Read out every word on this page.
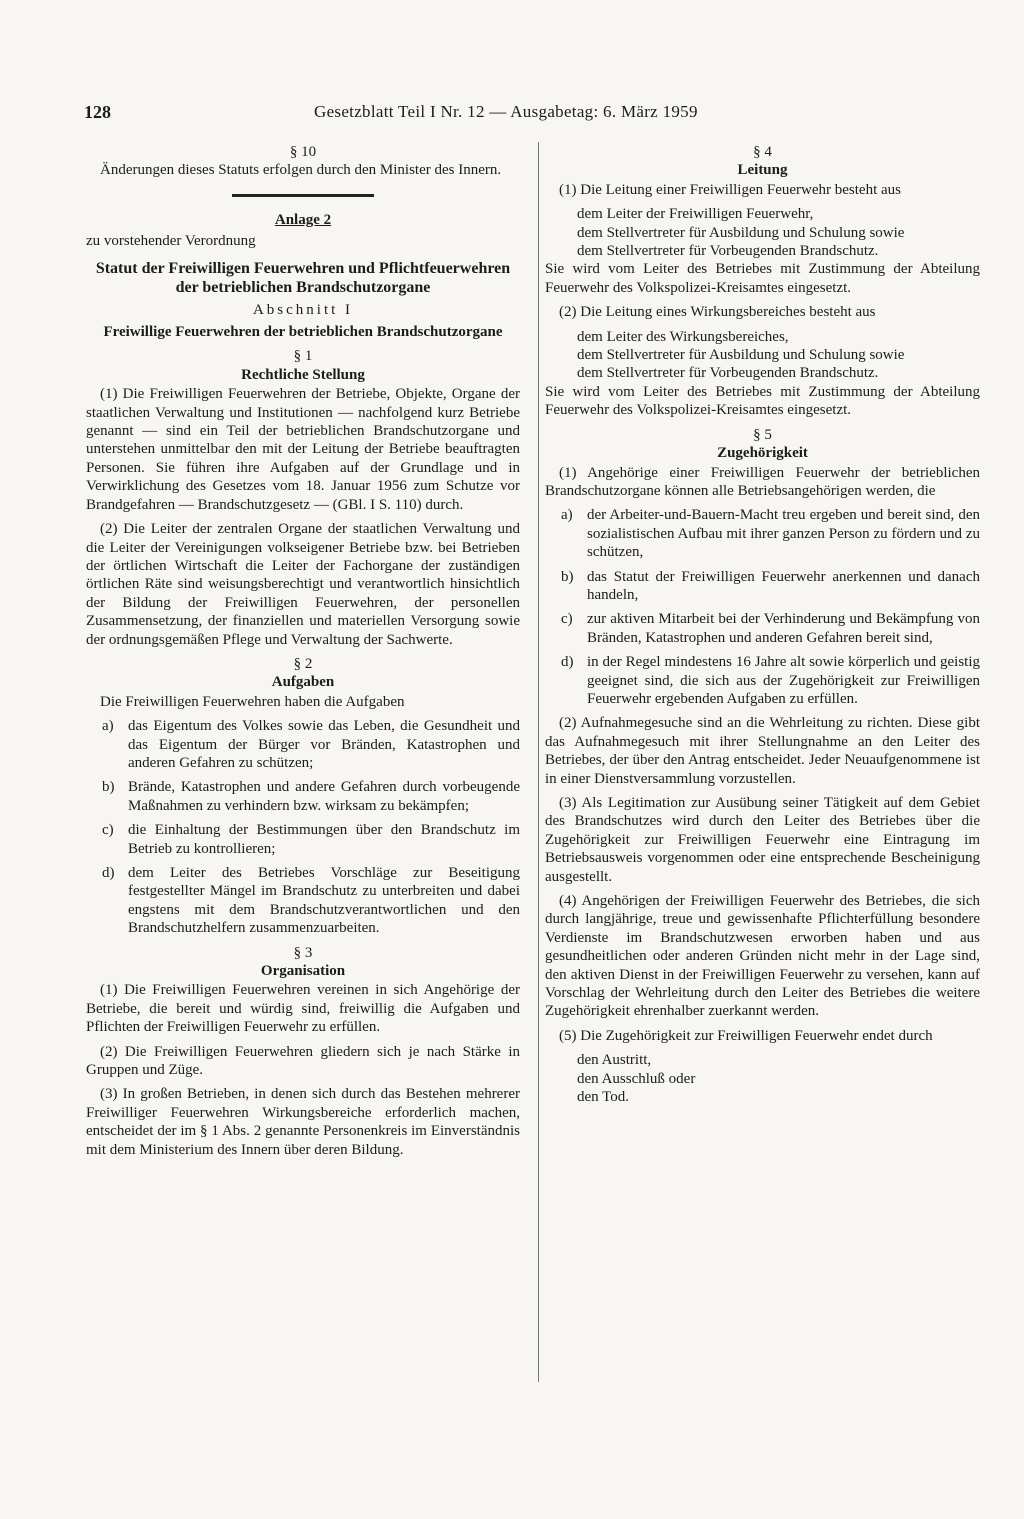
128	Gesetzblatt Teil I Nr. 12 — Ausgabetag: 6. März 1959

§ 10

Änderungen dieses Statuts erfolgen durch den Minister des Innern.

Anlage 2

zu vorstehender Verordnung

Statut der Freiwilligen Feuerwehren und Pflichtfeuerwehren der betrieblichen Brandschutzorgane

Abschnitt I

Freiwillige Feuerwehren der betrieblichen Brandschutzorgane

§ 1

Rechtliche Stellung

(1) Die Freiwilligen Feuerwehren der Betriebe, Objekte, Organe der staatlichen Verwaltung und Institutionen — nachfolgend kurz Betriebe genannt — sind ein Teil der betrieblichen Brandschutzorgane und unterstehen unmittelbar den mit der Leitung der Betriebe beauftragten Personen. Sie führen ihre Aufgaben auf der Grundlage und in Verwirklichung des Gesetzes vom 18. Januar 1956 zum Schutze vor Brandgefahren — Brandschutzgesetz — (GBl. I S. 110) durch.

(2) Die Leiter der zentralen Organe der staatlichen Verwaltung und die Leiter der Vereinigungen volkseigener Betriebe bzw. bei Betrieben der örtlichen Wirtschaft die Leiter der Fachorgane der zuständigen örtlichen Räte sind weisungsberechtigt und verantwortlich hinsichtlich der Bildung der Freiwilligen Feuerwehren, der personellen Zusammensetzung, der finanziellen und materiellen Versorgung sowie der ordnungsgemäßen Pflege und Verwaltung der Sachwerte.

§ 2

Aufgaben

Die Freiwilligen Feuerwehren haben die Aufgaben

a) das Eigentum des Volkes sowie das Leben, die Gesundheit und das Eigentum der Bürger vor Bränden, Katastrophen und anderen Gefahren zu schützen;
b) Brände, Katastrophen und andere Gefahren durch vorbeugende Maßnahmen zu verhindern bzw. wirksam zu bekämpfen;
c) die Einhaltung der Bestimmungen über den Brandschutz im Betrieb zu kontrollieren;
d) dem Leiter des Betriebes Vorschläge zur Beseitigung festgestellter Mängel im Brandschutz zu unterbreiten und dabei engstens mit dem Brandschutzverantwortlichen und den Brandschutzhelfern zusammenzuarbeiten.

§ 3

Organisation

(1) Die Freiwilligen Feuerwehren vereinen in sich Angehörige der Betriebe, die bereit und würdig sind, freiwillig die Aufgaben und Pflichten der Freiwilligen Feuerwehr zu erfüllen.

(2) Die Freiwilligen Feuerwehren gliedern sich je nach Stärke in Gruppen und Züge.

(3) In großen Betrieben, in denen sich durch das Bestehen mehrerer Freiwilliger Feuerwehren Wirkungsbereiche erforderlich machen, entscheidet der im § 1 Abs. 2 genannte Personenkreis im Einverständnis mit dem Ministerium des Innern über deren Bildung.

§ 4

Leitung

(1) Die Leitung einer Freiwilligen Feuerwehr besteht aus

dem Leiter der Freiwilligen Feuerwehr,

dem Stellvertreter für Ausbildung und Schulung sowie

dem Stellvertreter für Vorbeugenden Brandschutz.

Sie wird vom Leiter des Betriebes mit Zustimmung der Abteilung Feuerwehr des Volkspolizei-Kreisamtes eingesetzt.

(2) Die Leitung eines Wirkungsbereiches besteht aus

dem Leiter des Wirkungsbereiches,

dem Stellvertreter für Ausbildung und Schulung sowie

dem Stellvertreter für Vorbeugenden Brandschutz.

Sie wird vom Leiter des Betriebes mit Zustimmung der Abteilung Feuerwehr des Volkspolizei-Kreisamtes eingesetzt.

§ 5

Zugehörigkeit

(1) Angehörige einer Freiwilligen Feuerwehr der betrieblichen Brandschutzorgane können alle Betriebsangehörigen werden, die

a) der Arbeiter-und-Bauern-Macht treu ergeben und bereit sind, den sozialistischen Aufbau mit ihrer ganzen Person zu fördern und zu schützen,
b) das Statut der Freiwilligen Feuerwehr anerkennen und danach handeln,
c) zur aktiven Mitarbeit bei der Verhinderung und Bekämpfung von Bränden, Katastrophen und anderen Gefahren bereit sind,
d) in der Regel mindestens 16 Jahre alt sowie körperlich und geistig geeignet sind, die sich aus der Zugehörigkeit zur Freiwilligen Feuerwehr ergebenden Aufgaben zu erfüllen.

(2) Aufnahmegesuche sind an die Wehrleitung zu richten. Diese gibt das Aufnahmegesuch mit ihrer Stellungnahme an den Leiter des Betriebes, der über den Antrag entscheidet. Jeder Neuaufgenommene ist in einer Dienstversammlung vorzustellen.

(3) Als Legitimation zur Ausübung seiner Tätigkeit auf dem Gebiet des Brandschutzes wird durch den Leiter des Betriebes über die Zugehörigkeit zur Freiwilligen Feuerwehr eine Eintragung im Betriebsausweis vorgenommen oder eine entsprechende Bescheinigung ausgestellt.

(4) Angehörigen der Freiwilligen Feuerwehr des Betriebes, die sich durch langjährige, treue und gewissenhafte Pflichterfüllung besondere Verdienste im Brandschutzwesen erworben haben und aus gesundheitlichen oder anderen Gründen nicht mehr in der Lage sind, den aktiven Dienst in der Freiwilligen Feuerwehr zu versehen, kann auf Vorschlag der Wehrleitung durch den Leiter des Betriebes die weitere Zugehörigkeit ehrenhalber zuerkannt werden.

(5) Die Zugehörigkeit zur Freiwilligen Feuerwehr endet durch

den Austritt,

den Ausschluß oder

den Tod.
